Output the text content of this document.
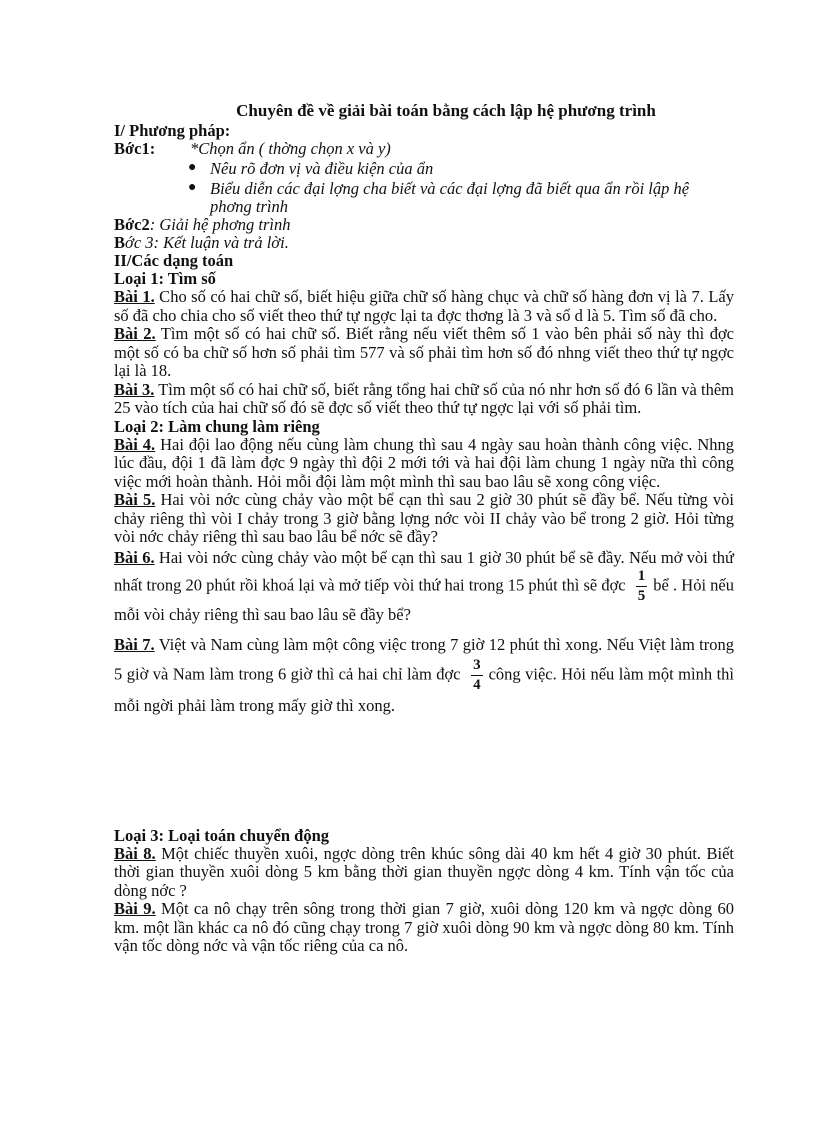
Chuyên đề về giải bài toán bằng cách lập hệ phương trình
I/ Phương pháp:
Bớc1:	*Chọn ẩn ( thờng chọn x và y)
● Nêu rõ đơn vị và điều kiện của ẩn
● Biểu diễn các đại lợng cha biết và các đại lợng đã biết qua ẩn rồi lập hệ phơng trình
Bớc2: Giải hệ phơng trình
Bớc 3: Kết luận và trả lời.
II/Các dạng toán
Loại 1: Tìm số
Bài 1. Cho số có hai chữ số, biết hiệu giữa chữ số hàng chục và chữ số hàng đơn vị là 7. Lấy số đã cho chia cho số viết theo thứ tự ngợc lại ta đợc thơng là 3 và số d là 5. Tìm số đã cho.
Bài 2. Tìm một số có hai chữ số. Biết rằng nếu viết thêm số 1 vào bên phải số này thì đợc một số có ba chữ số hơn số phải tìm 577 và số phải tìm hơn số đó nhng viết theo thứ tự ngợc lại là 18.
Bài 3. Tìm một số có hai chữ số, biết rằng tổng hai chữ số của nó nhr hơn số đó 6 lần và thêm 25 vào tích của hai chữ số đó sẽ đợc số viết theo thứ tự ngợc lại với số phải tìm.
Loại 2: Làm chung làm riêng
Bài 4. Hai đội lao động nếu cùng làm chung thì sau 4 ngày sau hoàn thành công việc. Nhng lúc đầu, đội 1 đã làm đợc 9 ngày thì đội 2 mới tới và hai đội làm chung 1 ngày nữa thì công việc mới hoàn thành. Hỏi mỗi đội làm một mình thì sau bao lâu sẽ xong công việc.
Bài 5. Hai vòi nớc cùng chảy vào một bể cạn thì sau 2 giờ 30 phút sẽ đầy bể. Nếu từng vòi chảy riêng thì vòi I chảy trong 3 giờ bằng lợng nớc vòi II chảy vào bể trong 2 giờ. Hỏi từng vòi nớc chảy riêng thì sau bao lâu bể nớc sẽ đầy?
Bài 6. Hai vòi nớc cùng chảy vào một bể cạn thì sau 1 giờ 30 phút bể sẽ đầy. Nếu mở vòi thứ nhất trong 20 phút rồi khoá lại và mở tiếp vòi thứ hai trong 15 phút thì sẽ đợc $\frac{1}{5}$ bể . Hỏi nếu mỗi vòi chảy riêng thì sau bao lâu sẽ đầy bể?
Bài 7. Việt và Nam cùng làm một công việc trong 7 giờ 12 phút thì xong. Nếu Việt làm trong 5 giờ và Nam làm trong 6 giờ thì cả hai chỉ làm đợc $\frac{3}{4}$ công việc. Hỏi nếu làm một mình thì mỗi ngời phải làm trong mấy giờ thì xong.
Loại 3: Loại toán chuyển động
Bài 8. Một chiếc thuyền xuôi, ngợc dòng trên khúc sông dài 40 km hết 4 giờ 30 phút. Biết thời gian thuyền xuôi dòng 5 km bằng thời gian thuyền ngợc dòng 4 km. Tính vận tốc của dòng nớc ?
Bài 9. Một ca nô chạy trên sông trong thời gian 7 giờ, xuôi dòng 120 km và ngợc dòng 60 km. một lần khác ca nô đó cũng chạy trong 7 giờ xuôi dòng 90 km và ngợc dòng 80 km. Tính vận tốc dòng nớc và vận tốc riêng của ca nô.
